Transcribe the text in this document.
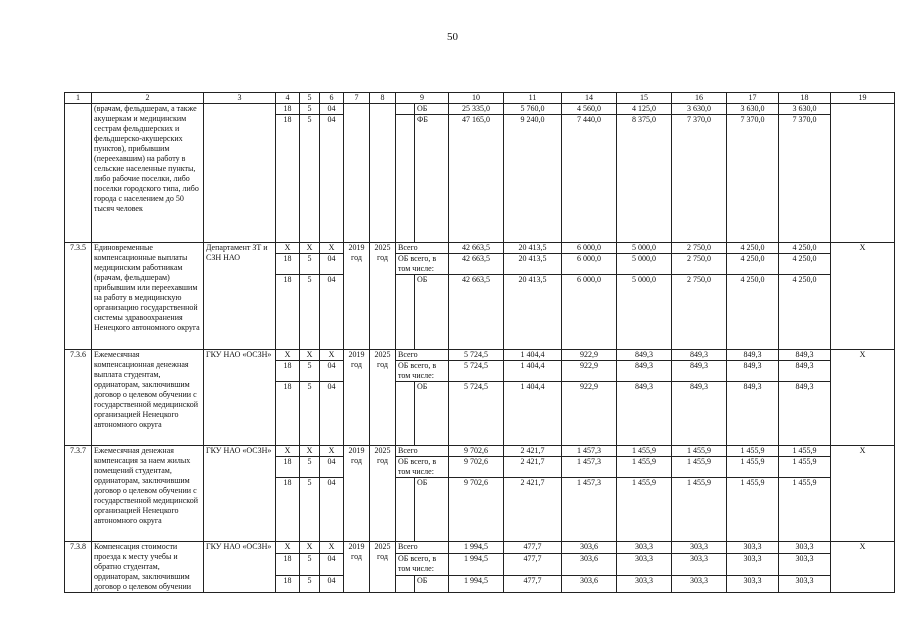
50
1	2	3	4	5	6	7	8	9		10	11	14	15	16	17	18	19
	(врачам, фельдшерам, а также акушеркам и медицинским сестрам фельдшерских и фельдшерско-акушерских пунктов), прибывшим (переехавшим) на работу в сельские населенные пункты, либо рабочие поселки, либо поселки городского типа, либо города с населением до 50 тысяч человек		18	5	04				ОБ	25 335,0	5 760,0	4 560,0	4 125,0	3 630,0	3 630,0	3 630,0	
			18	5	04				ФБ	47 165,0	9 240,0	7 440,0	8 375,0	7 370,0	7 370,0	7 370,0	
7.3.5	Единовременные компенсационные выплаты медицинским работникам (врачам, фельдшерам) прибывшим или переехавшим на работу в медицинскую организацию государственной системы здравоохранения Ненецкого автономного округа	Департамент ЗТ и СЗН НАО	X	X	X	2019 год	2025 год	Всего		42 663,5	20 413,5	6 000,0	5 000,0	2 750,0	4 250,0	4 250,0	X
			18	5	04			ОБ всего, в том числе:		42 663,5	20 413,5	6 000,0	5 000,0	2 750,0	4 250,0	4 250,0	
			18	5	04				ОБ	42 663,5	20 413,5	6 000,0	5 000,0	2 750,0	4 250,0	4 250,0	
7.3.6	Ежемесячная компенсационная денежная выплата студентам, ординаторам, заключившим договор о целевом обучении с государственной медицинской организацией Ненецкого автономного округа	ГКУ НАО «ОСЗН»	X	X	X	2019 год	2025 год	Всего		5 724,5	1 404,4	922,9	849,3	849,3	849,3	849,3	X
			18	5	04			ОБ всего, в том числе:		5 724,5	1 404,4	922,9	849,3	849,3	849,3	849,3	
			18	5	04				ОБ	5 724,5	1 404,4	922,9	849,3	849,3	849,3	849,3	
7.3.7	Ежемесячная денежная компенсация за наем жилых помещений студентам, ординаторам, заключившим договор о целевом обучении с государственной медицинской организацией Ненецкого автономного округа	ГКУ НАО «ОСЗН»	X	X	X	2019 год	2025 год	Всего		9 702,6	2 421,7	1 457,3	1 455,9	1 455,9	1 455,9	1 455,9	X
			18	5	04			ОБ всего, в том числе:		9 702,6	2 421,7	1 457,3	1 455,9	1 455,9	1 455,9	1 455,9	
			18	5	04				ОБ	9 702,6	2 421,7	1 457,3	1 455,9	1 455,9	1 455,9	1 455,9	
7.3.8	Компенсация стоимости проезда к месту учебы и обратно студентам, ординаторам, заключившим договор о целевом обучении	ГКУ НАО «ОСЗН»	X	X	X	2019 год	2025 год	Всего		1 994,5	477,7	303,6	303,3	303,3	303,3	303,3	X
			18	5	04			ОБ всего, в том числе:		1 994,5	477,7	303,6	303,3	303,3	303,3	303,3	
			18	5	04				ОБ	1 994,5	477,7	303,6	303,3	303,3	303,3	303,3	
